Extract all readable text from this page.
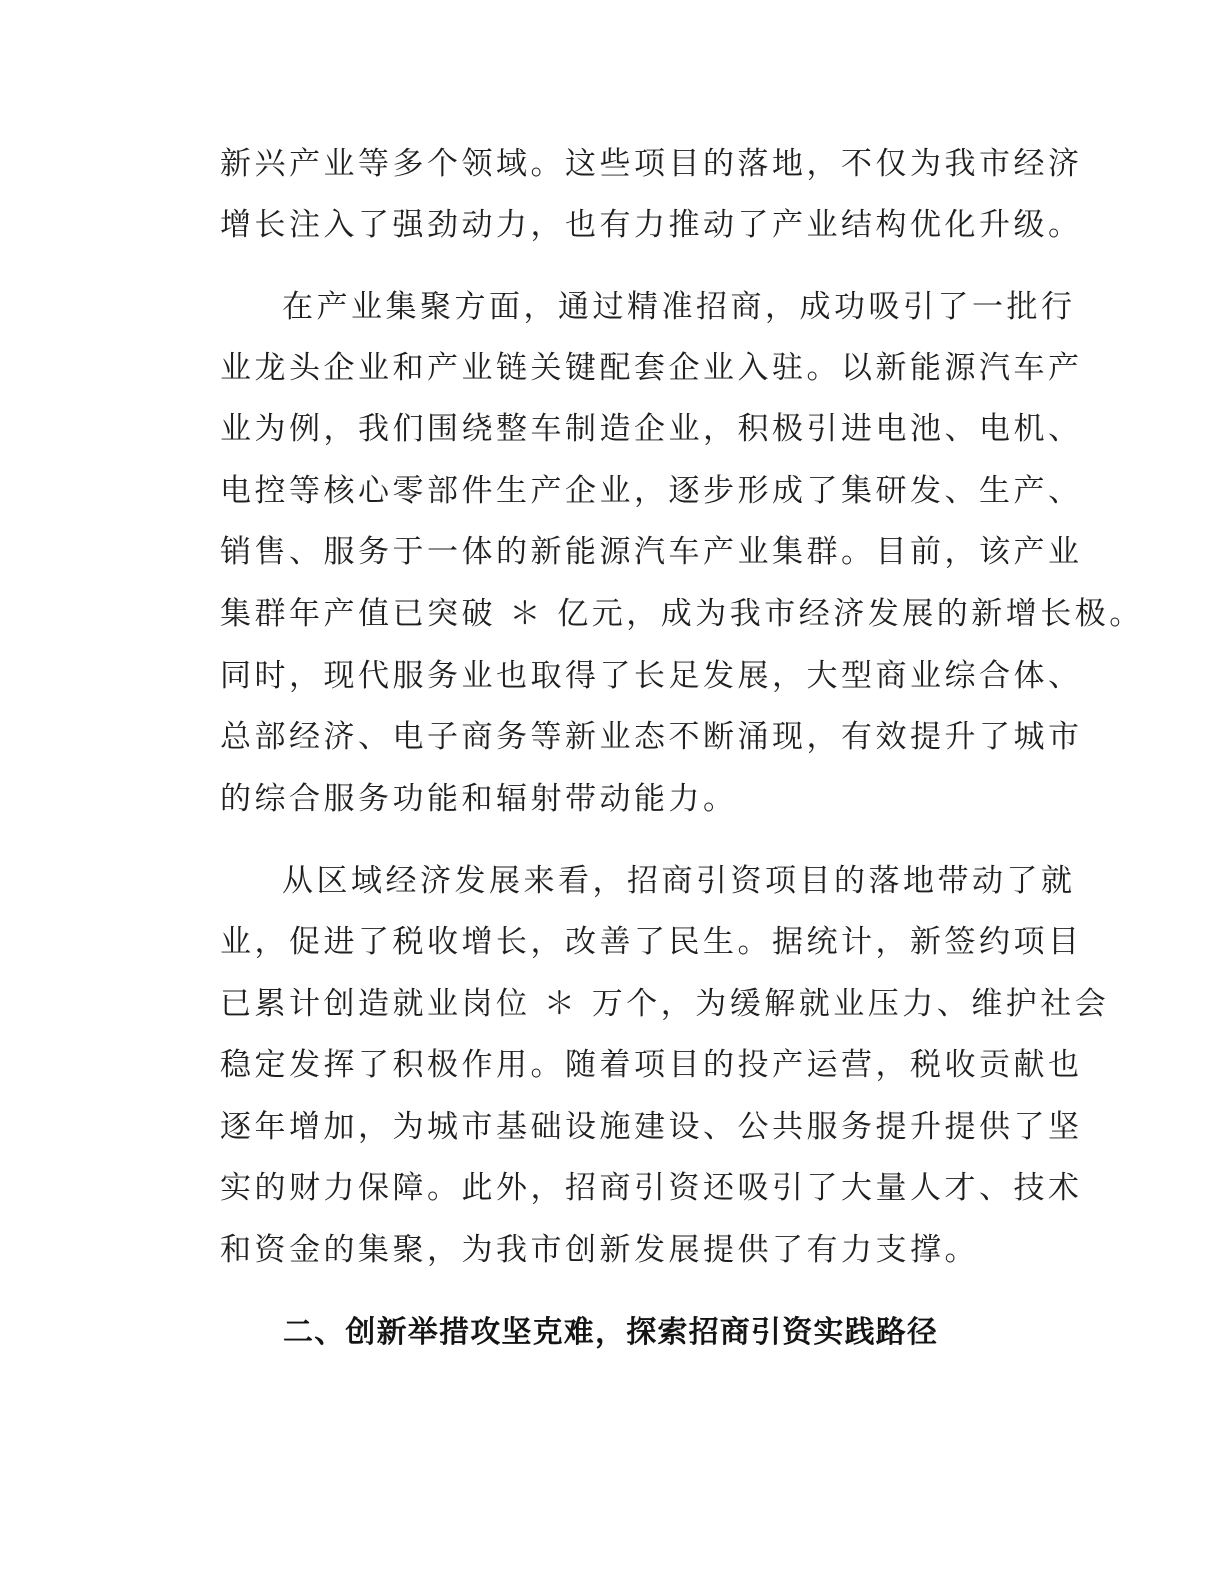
新兴产业等多个领域。这些项目的落地，不仅为我市经济

增长注入了强劲动力，也有力推动了产业结构优化升级。

在产业集聚方面，通过精准招商，成功吸引了一批行

业龙头企业和产业链关键配套企业入驻。以新能源汽车产

业为例，我们围绕整车制造企业，积极引进电池、电机、

电控等核心零部件生产企业，逐步形成了集研发、生产、

销售、服务于一体的新能源汽车产业集群。目前，该产业

集群年产值已突破 ＊ 亿元，成为我市经济发展的新增长极。

同时，现代服务业也取得了长足发展，大型商业综合体、

总部经济、电子商务等新业态不断涌现，有效提升了城市

的综合服务功能和辐射带动能力。

从区域经济发展来看，招商引资项目的落地带动了就

业，促进了税收增长，改善了民生。据统计，新签约项目

已累计创造就业岗位 ＊ 万个，为缓解就业压力、维护社会

稳定发挥了积极作用。随着项目的投产运营，税收贡献也

逐年增加，为城市基础设施建设、公共服务提升提供了坚

实的财力保障。此外，招商引资还吸引了大量人才、技术

和资金的集聚，为我市创新发展提供了有力支撑。

二、创新举措攻坚克难，探索招商引资实践路径
